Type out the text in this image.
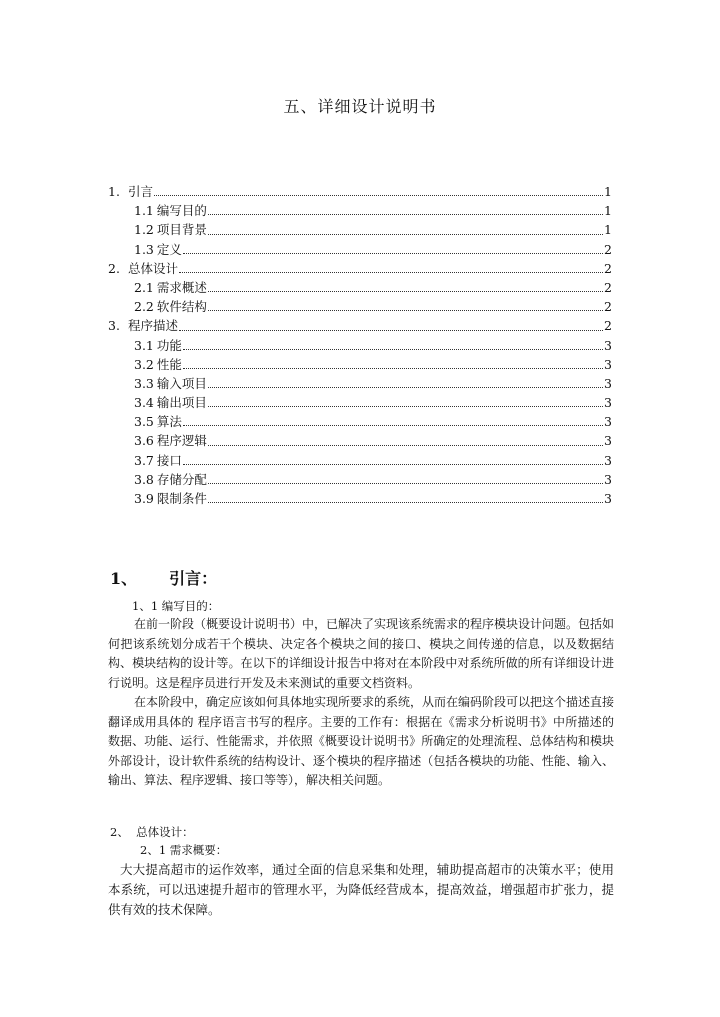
五、详细设计说明书
1. 引言	1
1.1 编写目的	1
1.2 项目背景	1
1.3 定义	2
2. 总体设计	2
2.1 需求概述	2
2.2 软件结构	2
3. 程序描述	2
3.1 功能	3
3.2 性能	3
3.3 输入项目	3
3.4 输出项目	3
3.5 算法	3
3.6 程序逻辑	3
3.7 接口	3
3.8 存储分配	3
3.9 限制条件	3
1、 引言：
1、1 编写目的：

在前一阶段（概要设计说明书）中，已解决了实现该系统需求的程序模块设计问题。包括如何把该系统划分成若干个模块、决定各个模块之间的接口、模块之间传递的信息，以及数据结构、模块结构的设计等。在以下的详细设计报告中将对在本阶段中对系统所做的所有详细设计进行说明。这是程序员进行开发及未来测试的重要文档资料。

在本阶段中，确定应该如何具体地实现所要求的系统，从而在编码阶段可以把这个描述直接翻译成用具体的 程序语言书写的程序。主要的工作有：根据在《需求分析说明书》中所描述的数据、功能、运行、性能需求，并依照《概要设计说明书》所确定的处理流程、总体结构和模块外部设计，设计软件系统的结构设计、逐个模块的程序描述（包括各模块的功能、性能、输入、输出、算法、程序逻辑、接口等等），解决相关问题。

2、  总体设计：
2、1 需求概要：

大大提高超市的运作效率，通过全面的信息采集和处理，辅助提高超市的决策水平；使用本系统，可以迅速提升超市的管理水平，为降低经营成本，提高效益，增强超市扩张力，提供有效的技术保障。
